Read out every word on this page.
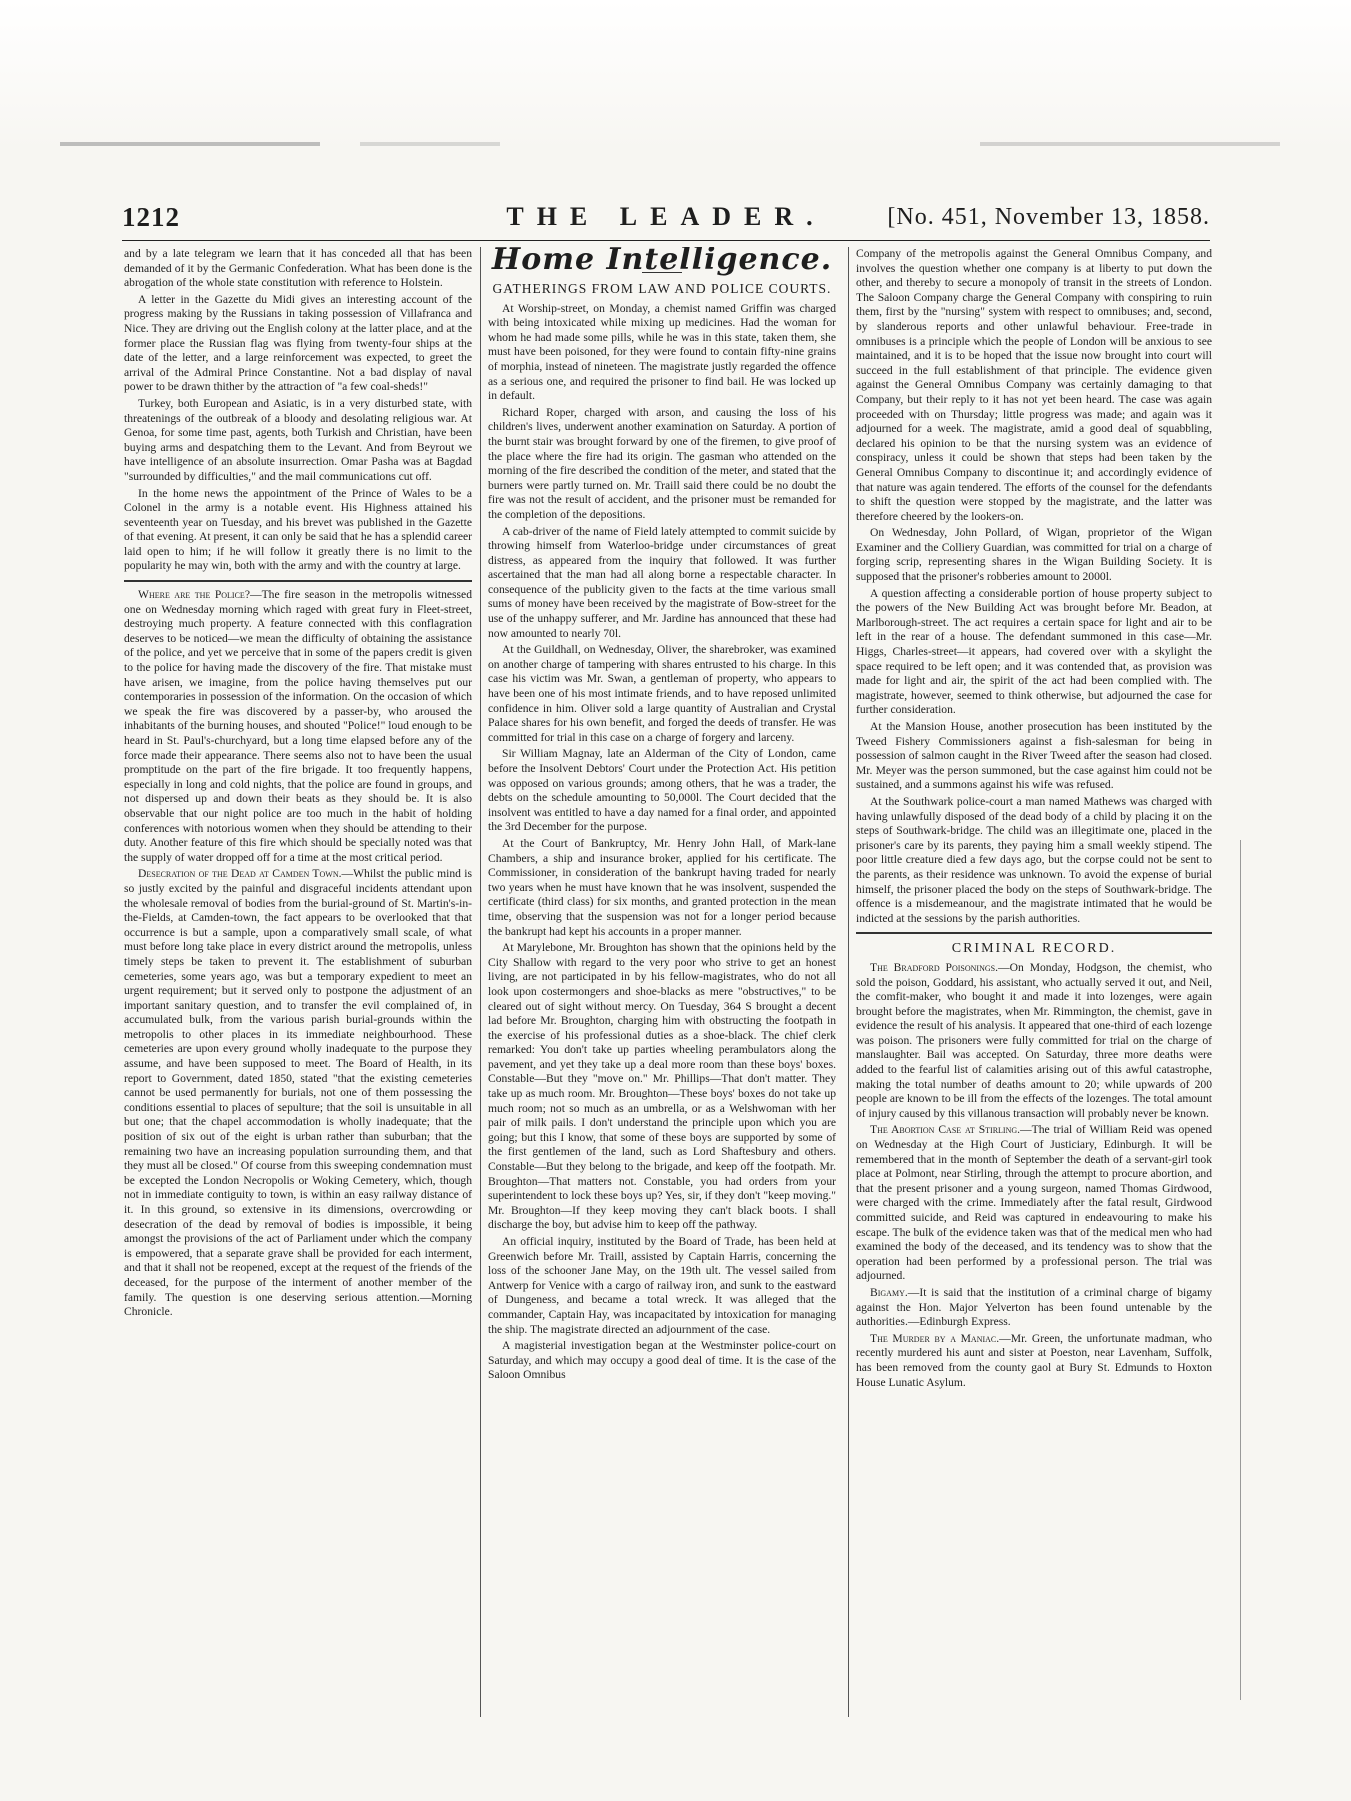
1212	THE LEADER.	[No. 451, November 13, 1858.

and by a late telegram we learn that it has conceded all that has been demanded of it by the Germanic Confederation. What has been done is the abrogation of the whole state constitution with reference to Holstein.

A letter in the Gazette du Midi gives an interesting account of the progress making by the Russians in taking possession of Villafranca and Nice. They are driving out the English colony at the latter place, and at the former place the Russian flag was flying from twenty-four ships at the date of the letter, and a large reinforcement was expected, to greet the arrival of the Admiral Prince Constantine. Not a bad display of naval power to be drawn thither by the attraction of "a few coal-sheds!"

Turkey, both European and Asiatic, is in a very disturbed state, with threatenings of the outbreak of a bloody and desolating religious war. At Genoa, for some time past, agents, both Turkish and Christian, have been buying arms and despatching them to the Levant. And from Beyrout we have intelligence of an absolute insurrection. Omar Pasha was at Bagdad "surrounded by difficulties," and the mail communications cut off.

In the home news the appointment of the Prince of Wales to be a Colonel in the army is a notable event. His Highness attained his seventeenth year on Tuesday, and his brevet was published in the Gazette of that evening. At present, it can only be said that he has a splendid career laid open to him; if he will follow it greatly there is no limit to the popularity he may win, both with the army and with the country at large.

Where are the Police?—The fire season in the metropolis witnessed one on Wednesday morning which raged with great fury in Fleet-street, destroying much property. A feature connected with this conflagration deserves to be noticed—we mean the difficulty of obtaining the assistance of the police, and yet we perceive that in some of the papers credit is given to the police for having made the discovery of the fire. That mistake must have arisen, we imagine, from the police having themselves put our contemporaries in possession of the information. On the occasion of which we speak the fire was discovered by a passer-by, who aroused the inhabitants of the burning houses, and shouted "Police!" loud enough to be heard in St. Paul's-churchyard, but a long time elapsed before any of the force made their appearance. There seems also not to have been the usual promptitude on the part of the fire brigade. It too frequently happens, especially in long and cold nights, that the police are found in groups, and not dispersed up and down their beats as they should be. It is also observable that our night police are too much in the habit of holding conferences with notorious women when they should be attending to their duty. Another feature of this fire which should be specially noted was that the supply of water dropped off for a time at the most critical period.

Desecration of the Dead at Camden Town.—Whilst the public mind is so justly excited by the painful and disgraceful incidents attendant upon the wholesale removal of bodies from the burial-ground of St. Martin's-in-the-Fields, at Camden-town, the fact appears to be overlooked that that occurrence is but a sample, upon a comparatively small scale, of what must before long take place in every district around the metropolis, unless timely steps be taken to prevent it. The establishment of suburban cemeteries, some years ago, was but a temporary expedient to meet an urgent requirement; but it served only to postpone the adjustment of an important sanitary question, and to transfer the evil complained of, in accumulated bulk, from the various parish burial-grounds within the metropolis to other places in its immediate neighbourhood. These cemeteries are upon every ground wholly inadequate to the purpose they assume, and have been supposed to meet. The Board of Health, in its report to Government, dated 1850, stated "that the existing cemeteries cannot be used permanently for burials, not one of them possessing the conditions essential to places of sepulture; that the soil is unsuitable in all but one; that the chapel accommodation is wholly inadequate; that the position of six out of the eight is urban rather than suburban; that the remaining two have an increasing population surrounding them, and that they must all be closed." Of course from this sweeping condemnation must be excepted the London Necropolis or Woking Cemetery, which, though not in immediate contiguity to town, is within an easy railway distance of it. In this ground, so extensive in its dimensions, overcrowding or desecration of the dead by removal of bodies is impossible, it being amongst the provisions of the act of Parliament under which the company is empowered, that a separate grave shall be provided for each interment, and that it shall not be reopened, except at the request of the friends of the deceased, for the purpose of the interment of another member of the family. The question is one deserving serious attention.—Morning Chronicle.

Home Intelligence.
GATHERINGS FROM LAW AND POLICE COURTS.

At Worship-street, on Monday, a chemist named Griffin was charged with being intoxicated while mixing up medicines. Had the woman for whom he had made some pills, while he was in this state, taken them, she must have been poisoned, for they were found to contain fifty-nine grains of morphia, instead of nineteen. The magistrate justly regarded the offence as a serious one, and required the prisoner to find bail. He was locked up in default.

Richard Roper, charged with arson, and causing the loss of his children's lives, underwent another examination on Saturday. A portion of the burnt stair was brought forward by one of the firemen, to give proof of the place where the fire had its origin. The gasman who attended on the morning of the fire described the condition of the meter, and stated that the burners were partly turned on. Mr. Traill said there could be no doubt the fire was not the result of accident, and the prisoner must be remanded for the completion of the depositions.

A cab-driver of the name of Field lately attempted to commit suicide by throwing himself from Waterloo-bridge under circumstances of great distress, as appeared from the inquiry that followed. It was further ascertained that the man had all along borne a respectable character. In consequence of the publicity given to the facts at the time various small sums of money have been received by the magistrate of Bow-street for the use of the unhappy sufferer, and Mr. Jardine has announced that these had now amounted to nearly 70l.

At the Guildhall, on Wednesday, Oliver, the sharebroker, was examined on another charge of tampering with shares entrusted to his charge. In this case his victim was Mr. Swan, a gentleman of property, who appears to have been one of his most intimate friends, and to have reposed unlimited confidence in him. Oliver sold a large quantity of Australian and Crystal Palace shares for his own benefit, and forged the deeds of transfer. He was committed for trial in this case on a charge of forgery and larceny.

Sir William Magnay, late an Alderman of the City of London, came before the Insolvent Debtors' Court under the Protection Act. His petition was opposed on various grounds; among others, that he was a trader, the debts on the schedule amounting to 50,000l. The Court decided that the insolvent was entitled to have a day named for a final order, and appointed the 3rd December for the purpose.

At the Court of Bankruptcy, Mr. Henry John Hall, of Mark-lane Chambers, a ship and insurance broker, applied for his certificate. The Commissioner, in consideration of the bankrupt having traded for nearly two years when he must have known that he was insolvent, suspended the certificate (third class) for six months, and granted protection in the mean time, observing that the suspension was not for a longer period because the bankrupt had kept his accounts in a proper manner.

At Marylebone, Mr. Broughton has shown that the opinions held by the City Shallow with regard to the very poor who strive to get an honest living, are not participated in by his fellow-magistrates, who do not all look upon costermongers and shoe-blacks as mere "obstructives," to be cleared out of sight without mercy. On Tuesday, 364 S brought a decent lad before Mr. Broughton, charging him with obstructing the footpath in the exercise of his professional duties as a shoe-black. The chief clerk remarked: You don't take up parties wheeling perambulators along the pavement, and yet they take up a deal more room than these boys' boxes. Constable—But they "move on." Mr. Phillips—That don't matter. They take up as much room. Mr. Broughton—These boys' boxes do not take up much room; not so much as an umbrella, or as a Welshwoman with her pair of milk pails. I don't understand the principle upon which you are going; but this I know, that some of these boys are supported by some of the first gentlemen of the land, such as Lord Shaftesbury and others. Constable—But they belong to the brigade, and keep off the footpath. Mr. Broughton—That matters not. Constable, you had orders from your superintendent to lock these boys up? Yes, sir, if they don't "keep moving." Mr. Broughton—If they keep moving they can't black boots. I shall discharge the boy, but advise him to keep off the pathway.

An official inquiry, instituted by the Board of Trade, has been held at Greenwich before Mr. Traill, assisted by Captain Harris, concerning the loss of the schooner Jane May, on the 19th ult. The vessel sailed from Antwerp for Venice with a cargo of railway iron, and sunk to the eastward of Dungeness, and became a total wreck. It was alleged that the commander, Captain Hay, was incapacitated by intoxication for managing the ship. The magistrate directed an adjournment of the case.

A magisterial investigation began at the Westminster police-court on Saturday, and which may occupy a good deal of time. It is the case of the Saloon Omnibus

Company of the metropolis against the General Omnibus Company, and involves the question whether one company is at liberty to put down the other, and thereby to secure a monopoly of transit in the streets of London. The Saloon Company charge the General Company with conspiring to ruin them, first by the "nursing" system with respect to omnibuses; and, second, by slanderous reports and other unlawful behaviour. Free-trade in omnibuses is a principle which the people of London will be anxious to see maintained, and it is to be hoped that the issue now brought into court will succeed in the full establishment of that principle. The evidence given against the General Omnibus Company was certainly damaging to that Company, but their reply to it has not yet been heard. The case was again proceeded with on Thursday; little progress was made; and again was it adjourned for a week. The magistrate, amid a good deal of squabbling, declared his opinion to be that the nursing system was an evidence of conspiracy, unless it could be shown that steps had been taken by the General Omnibus Company to discontinue it; and accordingly evidence of that nature was again tendered. The efforts of the counsel for the defendants to shift the question were stopped by the magistrate, and the latter was therefore cheered by the lookers-on.

On Wednesday, John Pollard, of Wigan, proprietor of the Wigan Examiner and the Colliery Guardian, was committed for trial on a charge of forging scrip, representing shares in the Wigan Building Society. It is supposed that the prisoner's robberies amount to 2000l.

A question affecting a considerable portion of house property subject to the powers of the New Building Act was brought before Mr. Beadon, at Marlborough-street. The act requires a certain space for light and air to be left in the rear of a house. The defendant summoned in this case—Mr. Higgs, Charles-street—it appears, had covered over with a skylight the space required to be left open; and it was contended that, as provision was made for light and air, the spirit of the act had been complied with. The magistrate, however, seemed to think otherwise, but adjourned the case for further consideration.

At the Mansion House, another prosecution has been instituted by the Tweed Fishery Commissioners against a fish-salesman for being in possession of salmon caught in the River Tweed after the season had closed. Mr. Meyer was the person summoned, but the case against him could not be sustained, and a summons against his wife was refused.

At the Southwark police-court a man named Mathews was charged with having unlawfully disposed of the dead body of a child by placing it on the steps of Southwark-bridge. The child was an illegitimate one, placed in the prisoner's care by its parents, they paying him a small weekly stipend. The poor little creature died a few days ago, but the corpse could not be sent to the parents, as their residence was unknown. To avoid the expense of burial himself, the prisoner placed the body on the steps of Southwark-bridge. The offence is a misdemeanour, and the magistrate intimated that he would be indicted at the sessions by the parish authorities.

CRIMINAL RECORD.

The Bradford Poisonings.—On Monday, Hodgson, the chemist, who sold the poison, Goddard, his assistant, who actually served it out, and Neil, the comfit-maker, who bought it and made it into lozenges, were again brought before the magistrates, when Mr. Rimmington, the chemist, gave in evidence the result of his analysis. It appeared that one-third of each lozenge was poison. The prisoners were fully committed for trial on the charge of manslaughter. Bail was accepted. On Saturday, three more deaths were added to the fearful list of calamities arising out of this awful catastrophe, making the total number of deaths amount to 20; while upwards of 200 people are known to be ill from the effects of the lozenges. The total amount of injury caused by this villanous transaction will probably never be known.

The Abortion Case at Stirling.—The trial of William Reid was opened on Wednesday at the High Court of Justiciary, Edinburgh. It will be remembered that in the month of September the death of a servant-girl took place at Polmont, near Stirling, through the attempt to procure abortion, and that the present prisoner and a young surgeon, named Thomas Girdwood, were charged with the crime. Immediately after the fatal result, Girdwood committed suicide, and Reid was captured in endeavouring to make his escape. The bulk of the evidence taken was that of the medical men who had examined the body of the deceased, and its tendency was to show that the operation had been performed by a professional person. The trial was adjourned.

Bigamy.—It is said that the institution of a criminal charge of bigamy against the Hon. Major Yelverton has been found untenable by the authorities.—Edinburgh Express.

The Murder by a Maniac.—Mr. Green, the unfortunate madman, who recently murdered his aunt and sister at Poeston, near Lavenham, Suffolk, has been removed from the county gaol at Bury St. Edmunds to Hoxton House Lunatic Asylum.
